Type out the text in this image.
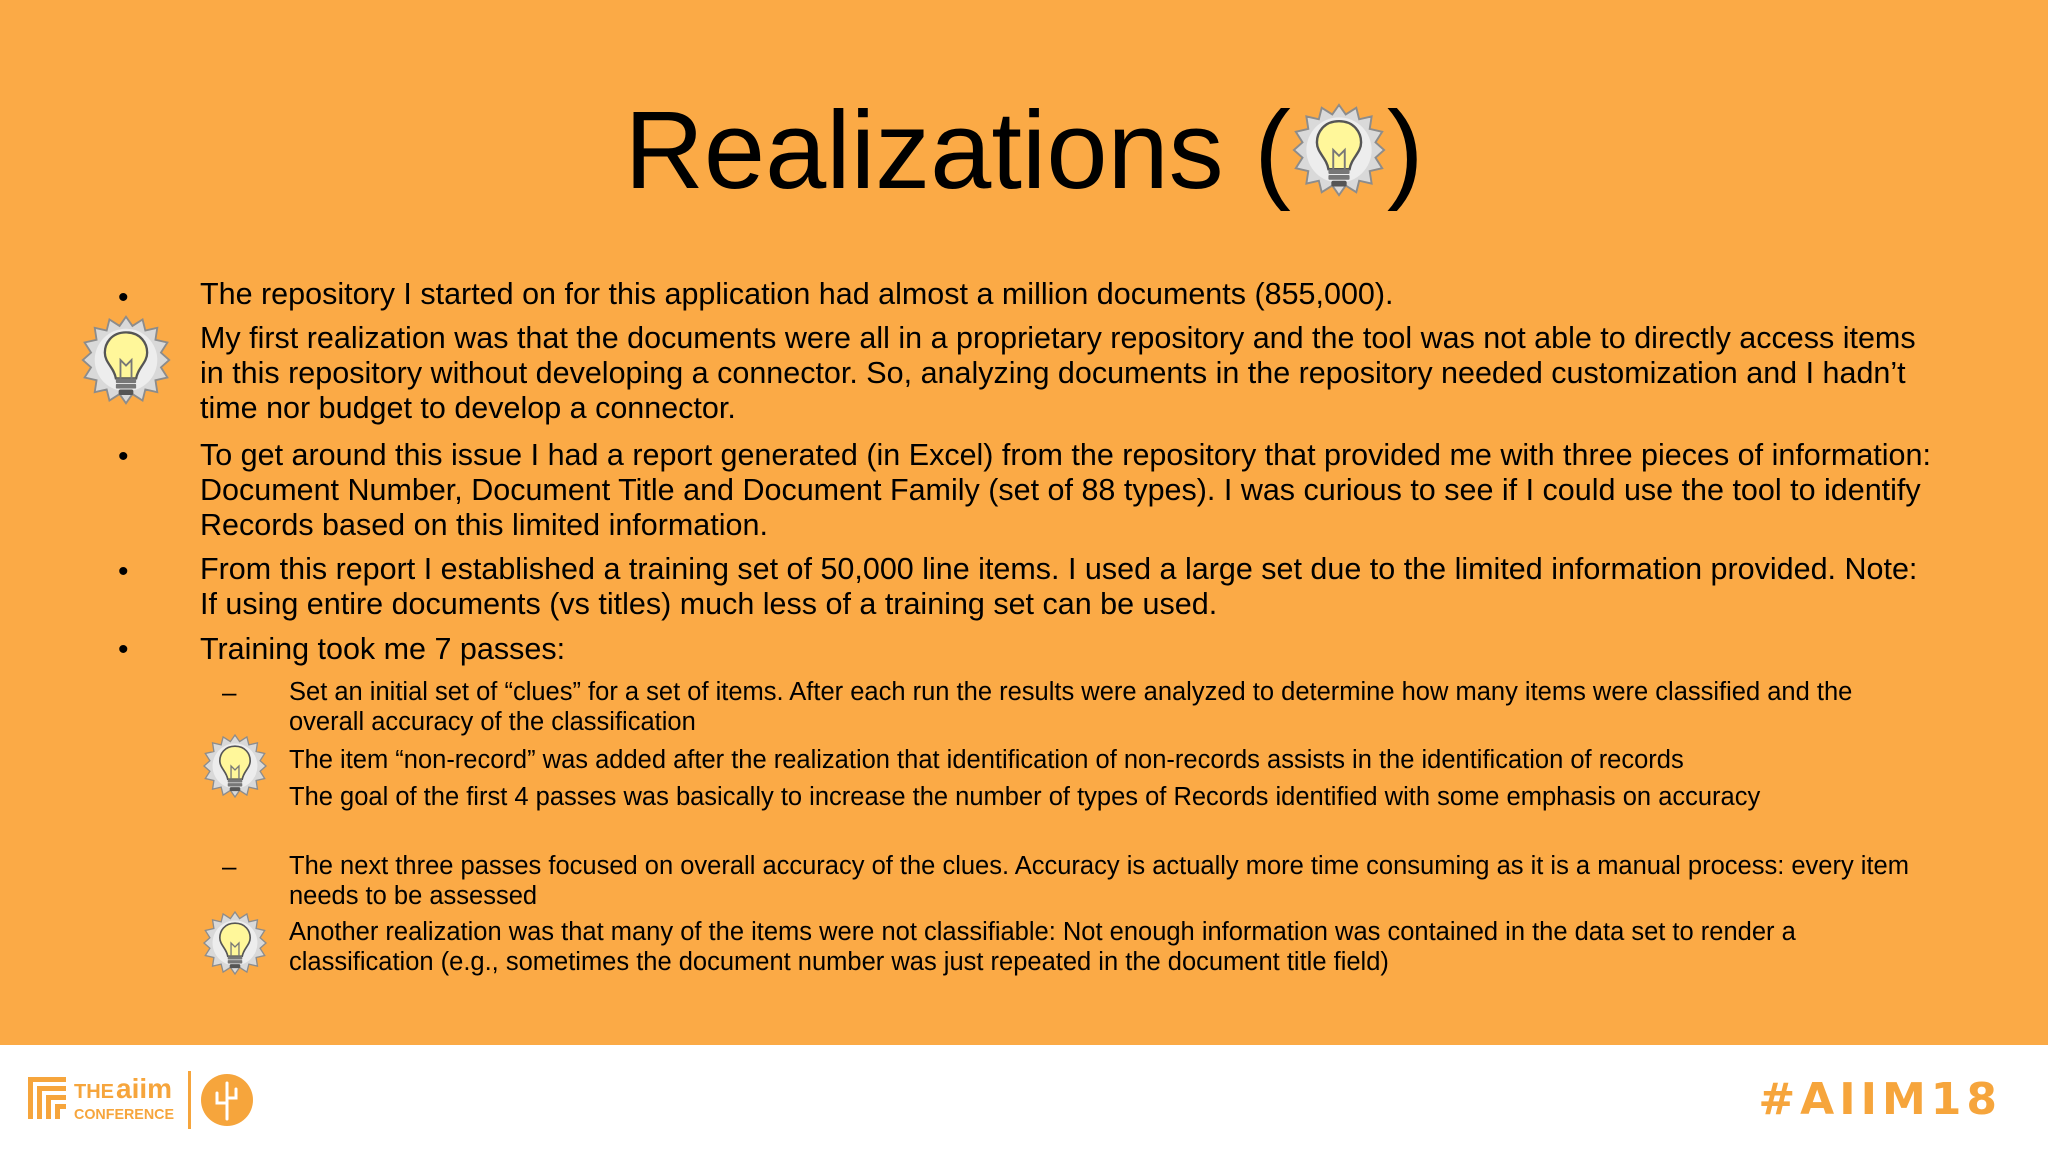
Realizations ( )
• The repository I started on for this application had almost a million documents (855,000).
My first realization was that the documents were all in a proprietary repository and the tool was not able to directly access items in this repository without developing a connector. So, analyzing documents in the repository needed customization and I hadn’t time nor budget to develop a connector.
• To get around this issue I had a report generated (in Excel) from the repository that provided me with three pieces of information: Document Number, Document Title and Document Family (set of 88 types). I was curious to see if I could use the tool to identify Records based on this limited information.
• From this report I established a training set of 50,000 line items. I used a large set due to the limited information provided. Note: If using entire documents (vs titles) much less of a training set can be used.
• Training took me 7 passes:
– Set an initial set of “clues” for a set of items. After each run the results were analyzed to determine how many items were classified and the overall accuracy of the classification
The item “non-record” was added after the realization that identification of non-records assists in the identification of records
The goal of the first 4 passes was basically to increase the number of types of Records identified with some emphasis on accuracy
– The next three passes focused on overall accuracy of the clues. Accuracy is actually more time consuming as it is a manual process: every item needs to be assessed
Another realization was that many of the items were not classifiable: Not enough information was contained in the data set to render a classification (e.g., sometimes the document number was just repeated in the document title field)
THE aiim
CONFERENCE	#AIIM18
